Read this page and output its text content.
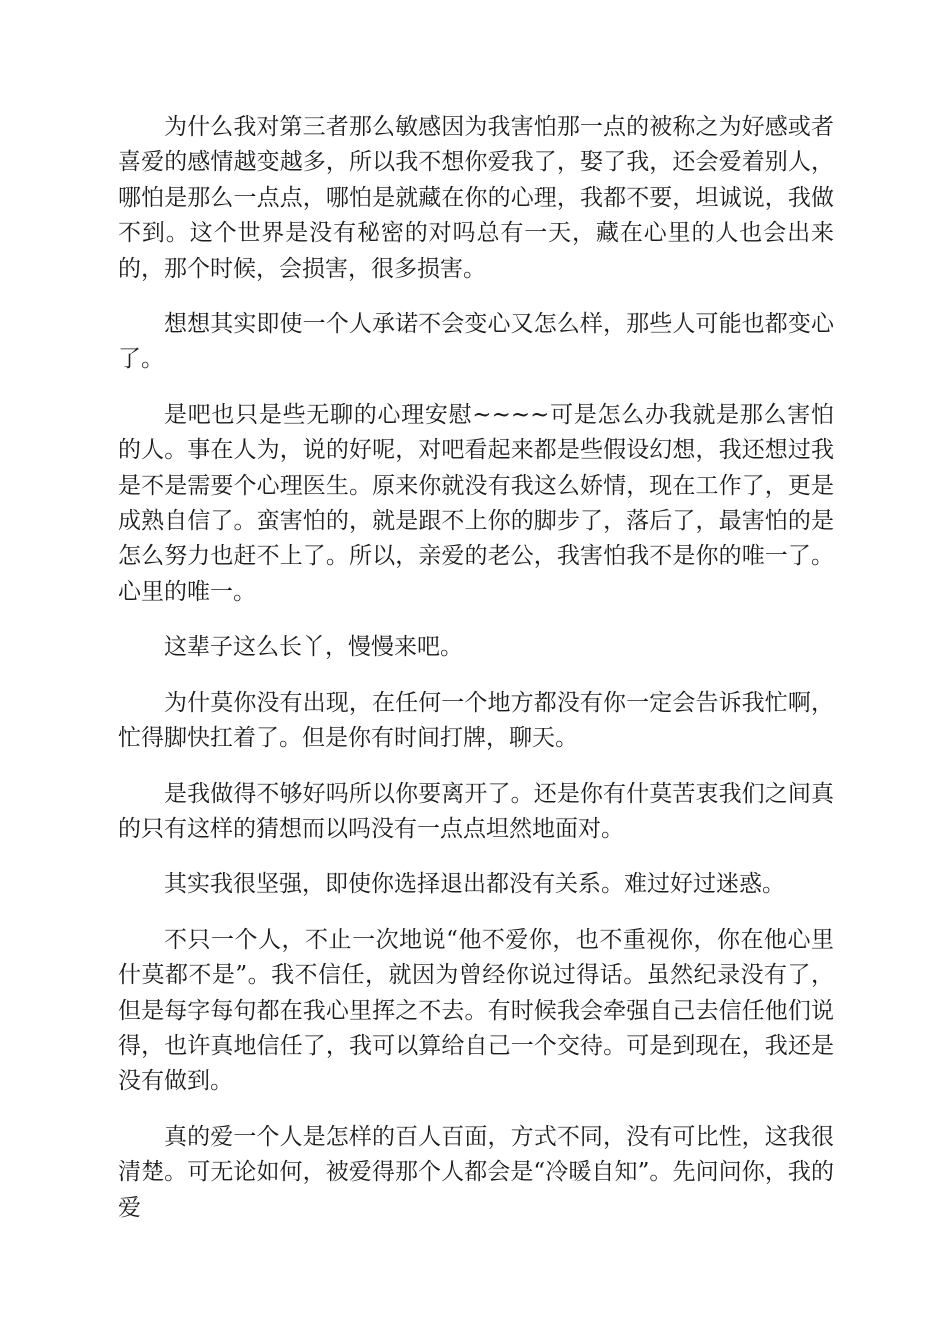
为什么我对第三者那么敏感因为我害怕那一点的被称之为好感或者喜爱的感情越变越多，所以我不想你爱我了，娶了我，还会爱着别人，哪怕是那么一点点，哪怕是就藏在你的心理，我都不要，坦诚说，我做不到。这个世界是没有秘密的对吗总有一天，藏在心里的人也会出来的，那个时候，会损害，很多损害。

想想其实即使一个人承诺不会变心又怎么样，那些人可能也都变心了。

是吧也只是些无聊的心理安慰~~~~可是怎么办我就是那么害怕的人。事在人为，说的好呢，对吧看起来都是些假设幻想，我还想过我是不是需要个心理医生。原来你就没有我这么娇情，现在工作了，更是成熟自信了。蛮害怕的，就是跟不上你的脚步了，落后了，最害怕的是怎么努力也赶不上了。所以，亲爱的老公，我害怕我不是你的唯一了。心里的唯一。

这辈子这么长丫，慢慢来吧。

为什莫你没有出现，在任何一个地方都没有你一定会告诉我忙啊，忙得脚快扛着了。但是你有时间打牌，聊天。

是我做得不够好吗所以你要离开了。还是你有什莫苦衷我们之间真的只有这样的猜想而以吗没有一点点坦然地面对。

其实我很坚强，即使你选择退出都没有关系。难过好过迷惑。

不只一个人，不止一次地说“他不爱你，也不重视你，你在他心里什莫都不是”。我不信任，就因为曾经你说过得话。虽然纪录没有了，但是每字每句都在我心里挥之不去。有时候我会牵强自己去信任他们说得，也许真地信任了，我可以算给自己一个交待。可是到现在，我还是没有做到。

真的爱一个人是怎样的百人百面，方式不同，没有可比性，这我很清楚。可无论如何，被爱得那个人都会是“冷暖自知”。先问问你，我的爱
